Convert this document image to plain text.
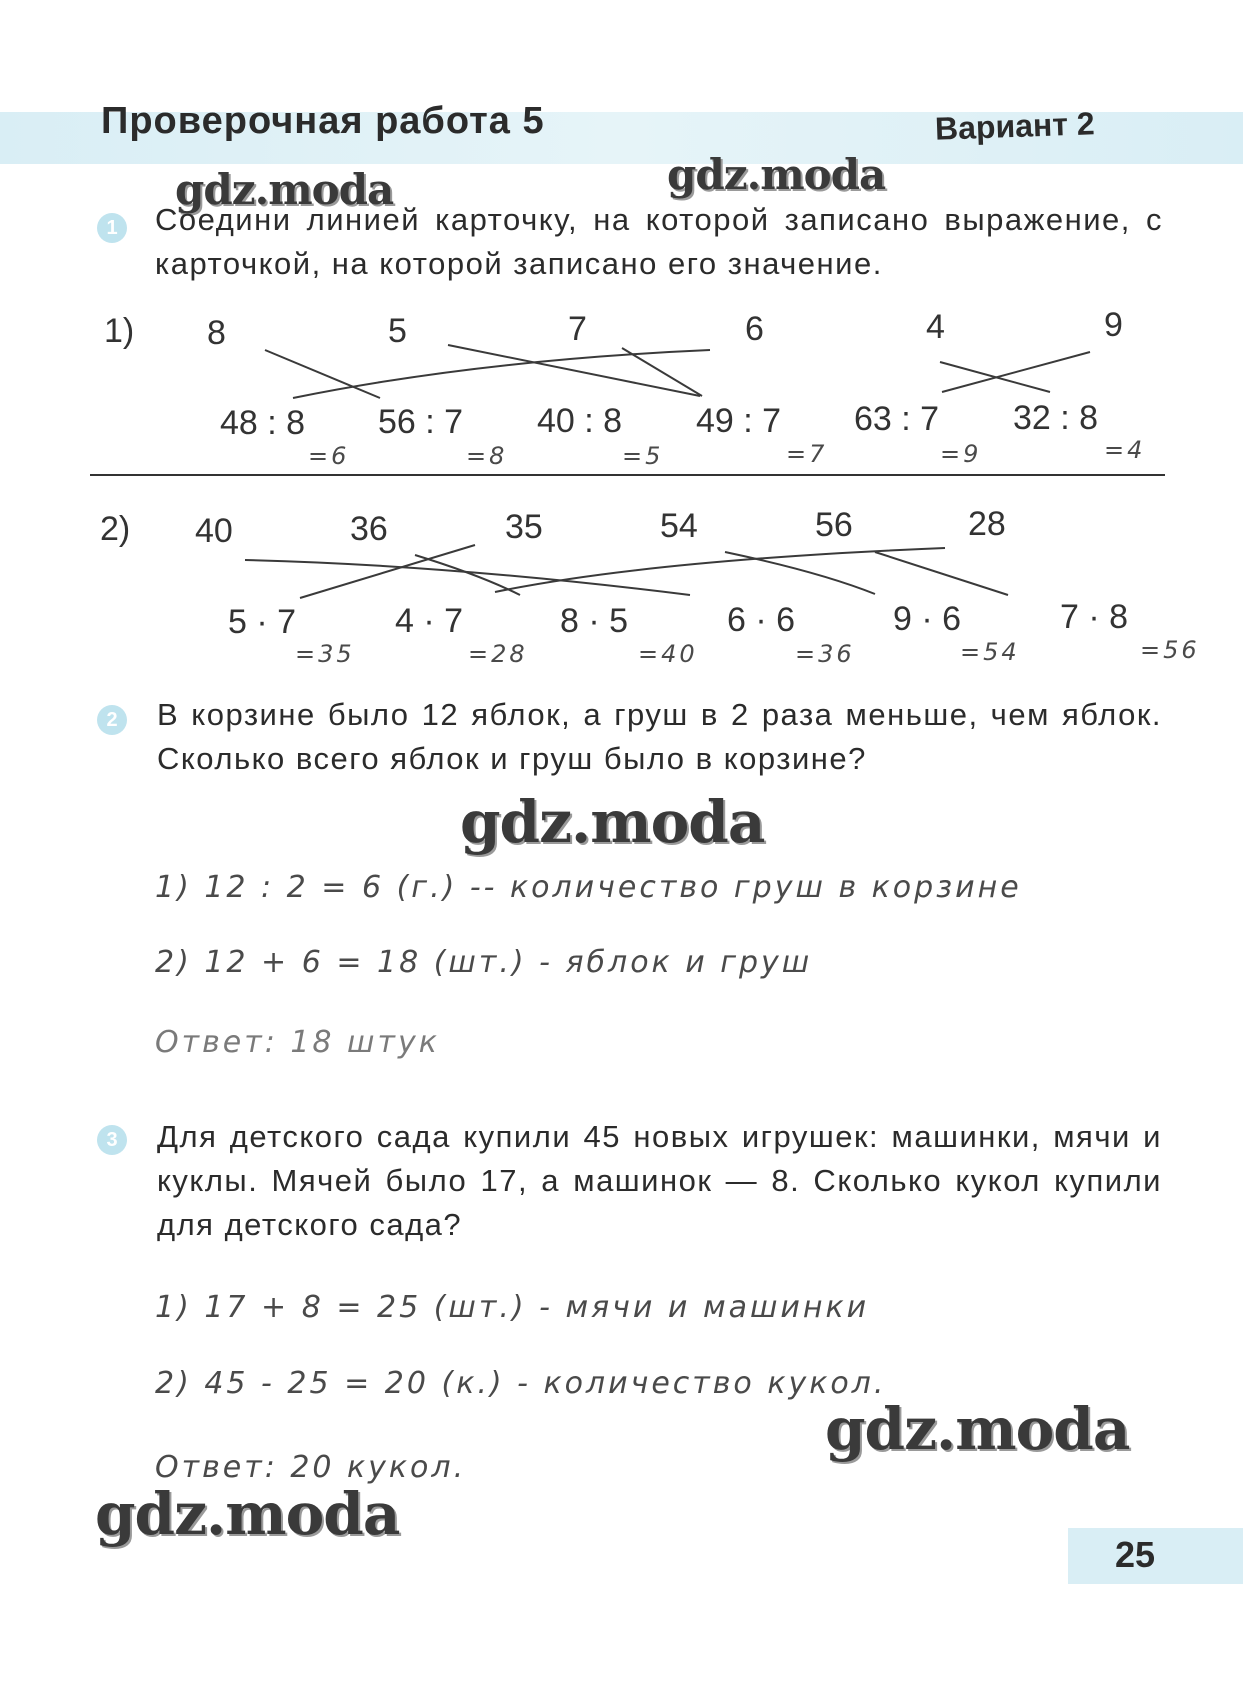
Проверочная работа 5	Вариант 2
gdz.moda	gdz.moda
1	Соедини линией карточку, на которой записано выражение, с карточкой, на которой записано его значение.
1) 8	5	7	6	4	9
48 : 8 56 : 7 40 : 8 49 : 7 63 : 7 32 : 8
=6	=8	=5	=7	=9	=4
2) 40	36	35	54	56	28
5 · 7	4 · 7	8 · 5	6 · 6	9 · 6	7 · 8
=35	=28	=40	=36	=54	=56
2	В корзине было 12 яблок, а груш в 2 раза меньше, чем яблок. Сколько всего яблок и груш было в корзине?
gdz.moda
1) 12 : 2 = 6 (г.) -- количество груш в корзине
2) 12 + 6 = 18 (шт.) - яблок и груш
Ответ: 18 штук
3	Для детского сада купили 45 новых игрушек: машинки, мячи и куклы. Мячей было 17, а машинок — 8. Сколько кукол купили для детского сада?
1) 17 + 8 = 25 (шт.) - мячи и машинки
2) 45 - 25 = 20 (к.) - количество кукол.
Ответ: 20 кукол.
gdz.moda
gdz.moda
25
